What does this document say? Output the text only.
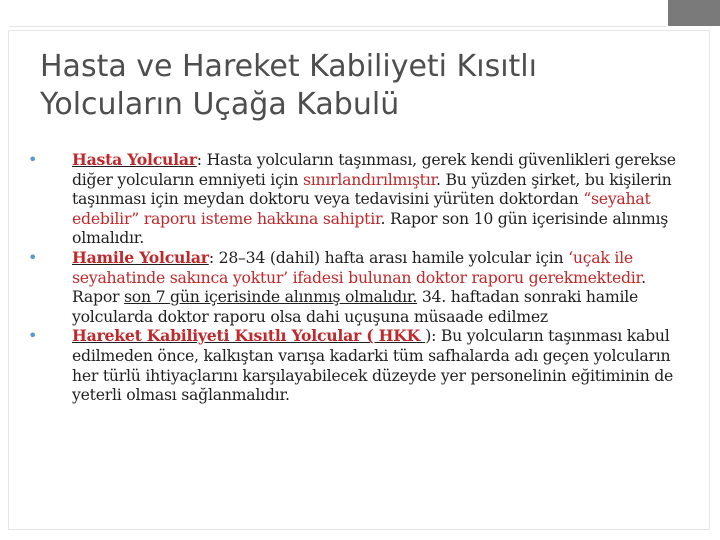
Hasta ve Hareket Kabiliyeti Kısıtlı
Yolcuların Uçağa Kabulü

•	Hasta Yolcular: Hasta yolcuların taşınması, gerek kendi güvenlikleri gerekse diğer yolcuların emniyeti için sınırlandırılmıştır. Bu yüzden şirket, bu kişilerin taşınması için meydan doktoru veya tedavisini yürüten doktordan “seyahat edebilir” raporu isteme hakkına sahiptir. Rapor son 10 gün içerisinde alınmış olmalıdır.

•	Hamile Yolcular: 28–34 (dahil) hafta arası hamile yolcular için ‘uçak ile seyahatinde sakınca yoktur’ ifadesi bulunan doktor raporu gerekmektedir. Rapor son 7 gün içerisinde alınmış olmalıdır. 34. haftadan sonraki hamile yolcularda doktor raporu olsa dahi uçuşuna müsaade edilmez

•	Hareket Kabiliyeti Kısıtlı Yolcular ( HKK ): Bu yolcuların taşınması kabul edilmeden önce, kalkıştan varışa kadarki tüm safhalarda adı geçen yolcuların her türlü ihtiyaçlarını karşılayabilecek düzeyde yer personelinin eğitiminin de yeterli olması sağlanmalıdır.
